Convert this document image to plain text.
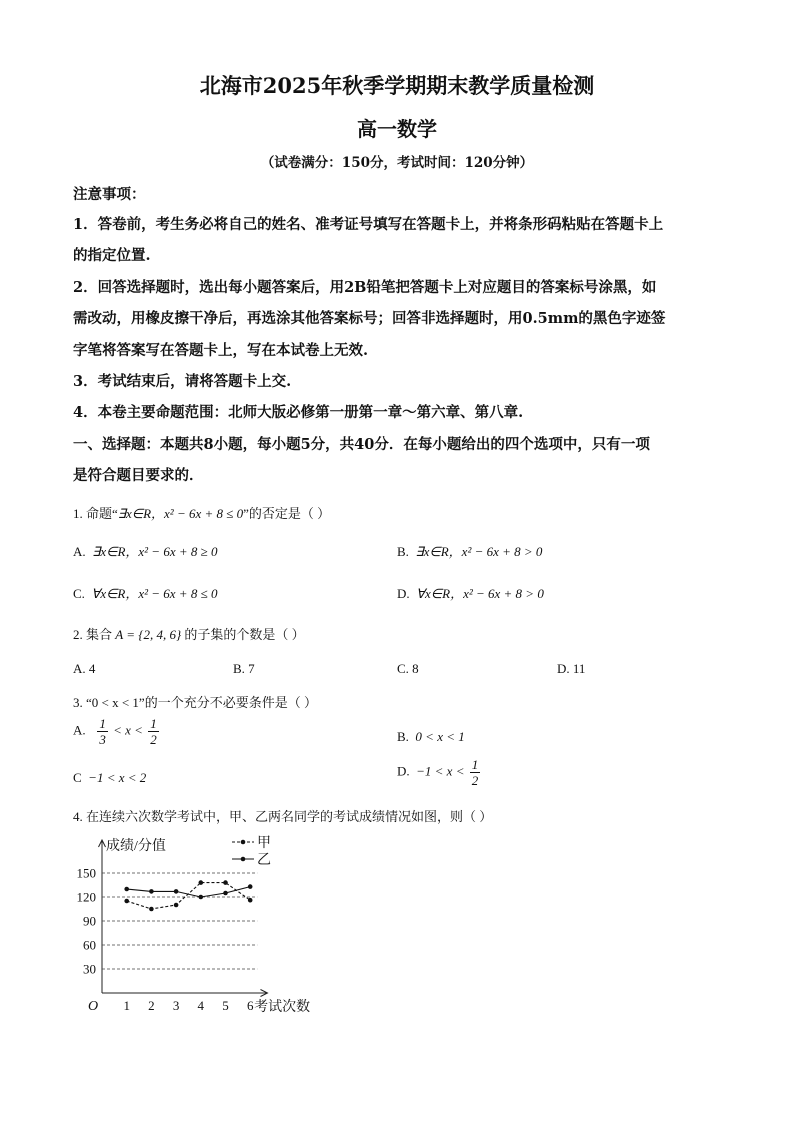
北海市2025年秋季学期期末教学质量检测
高一数学
（试卷满分：150分，考试时间：120分钟）
注意事项：
1．答卷前，考生务必将自己的姓名、准考证号填写在答题卡上，并将条形码粘贴在答题卡上
的指定位置.
2．回答选择题时，选出每小题答案后，用2B铅笔把答题卡上对应题目的答案标号涂黑，如
需改动，用橡皮擦干净后，再选涂其他答案标号；回答非选择题时，用0.5mm的黑色字迹签
字笔将答案写在答题卡上，写在本试卷上无效.
3．考试结束后，请将答题卡上交.
4．本卷主要命题范围：北师大版必修第一册第一章～第六章、第八章.
一、选择题：本题共8小题，每小题5分，共40分．在每小题给出的四个选项中，只有一项
是符合题目要求的．
1. 命题“∃x∈R，x² − 6x + 8 ≤ 0”的否定是（ ）
A. ∃x∈R，x² − 6x + 8 ≥ 0	B. ∃x∈R，x² − 6x + 8 > 0
C. ∀x∈R，x² − 6x + 8 ≤ 0	D. ∀x∈R，x² − 6x + 8 > 0
2. 集合 A = {2, 4, 6} 的子集的个数是（ ）
A. 4	B. 7	C. 8	D. 11
3. “0 < x < 1”的一个充分不必要条件是（ ）
A. $\frac{1}{3} < x < \frac{1}{2}$	B. 0 < x < 1
C −1 < x < 2	D. $-1 < x < \frac{1}{2}$
4. 在连续六次数学考试中，甲、乙两名同学的考试成绩情况如图，则（ ）
30
60
90
120
150
1 2 3 4 5 6
O
成绩/分值
考试次数
甲
乙
